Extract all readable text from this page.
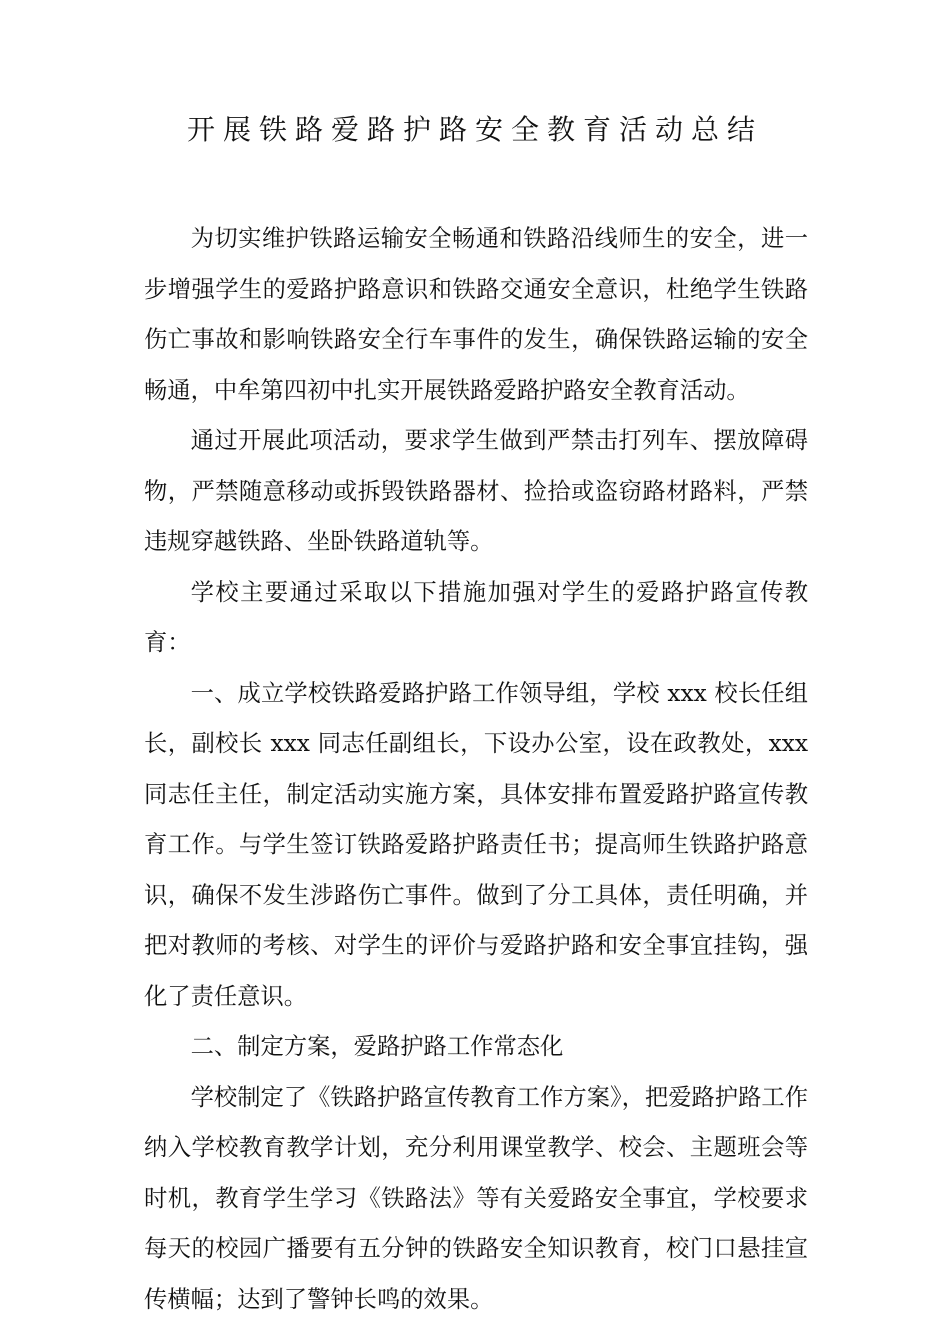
开展铁路爱路护路安全教育活动总结

为切实维护铁路运输安全畅通和铁路沿线师生的安全，进一步增强学生的爱路护路意识和铁路交通安全意识，杜绝学生铁路伤亡事故和影响铁路安全行车事件的发生，确保铁路运输的安全畅通，中牟第四初中扎实开展铁路爱路护路安全教育活动。

通过开展此项活动，要求学生做到严禁击打列车、摆放障碍物，严禁随意移动或拆毁铁路器材、捡拾或盗窃路材路料，严禁违规穿越铁路、坐卧铁路道轨等。

学校主要通过采取以下措施加强对学生的爱路护路宣传教育：

一、成立学校铁路爱路护路工作领导组，学校 xxx 校长任组长，副校长 xxx 同志任副组长，下设办公室，设在政教处，xxx 同志任主任，制定活动实施方案，具体安排布置爱路护路宣传教育工作。与学生签订铁路爱路护路责任书；提高师生铁路护路意识，确保不发生涉路伤亡事件。做到了分工具体，责任明确，并把对教师的考核、对学生的评价与爱路护路和安全事宜挂钩，强化了责任意识。

二、制定方案，爱路护路工作常态化

学校制定了《铁路护路宣传教育工作方案》，把爱路护路工作纳入学校教育教学计划，充分利用课堂教学、校会、主题班会等时机，教育学生学习《铁路法》等有关爱路安全事宜，学校要求每天的校园广播要有五分钟的铁路安全知识教育，校门口悬挂宣传横幅；达到了警钟长鸣的效果。
